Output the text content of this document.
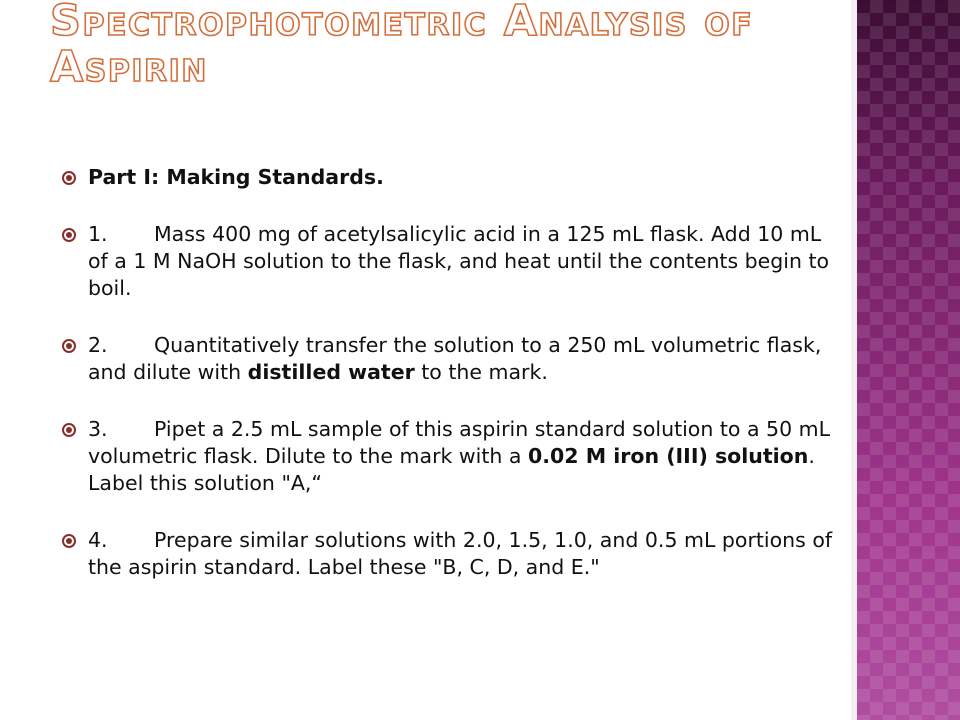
Spectrophotometric Analysis of
Aspirin

Part I: Making Standards.

1. Mass 400 mg of acetylsalicylic acid in a 125 mL flask. Add 10 mL of a 1 M NaOH solution to the flask, and heat until the contents begin to boil.

2. Quantitatively transfer the solution to a 250 mL volumetric flask, and dilute with distilled water to the mark.

3. Pipet a 2.5 mL sample of this aspirin standard solution to a 50 mL volumetric flask. Dilute to the mark with a 0.02 M iron (III) solution. Label this solution "A,“

4. Prepare similar solutions with 2.0, 1.5, 1.0, and 0.5 mL portions of the aspirin standard. Label these "B, C, D, and E."
